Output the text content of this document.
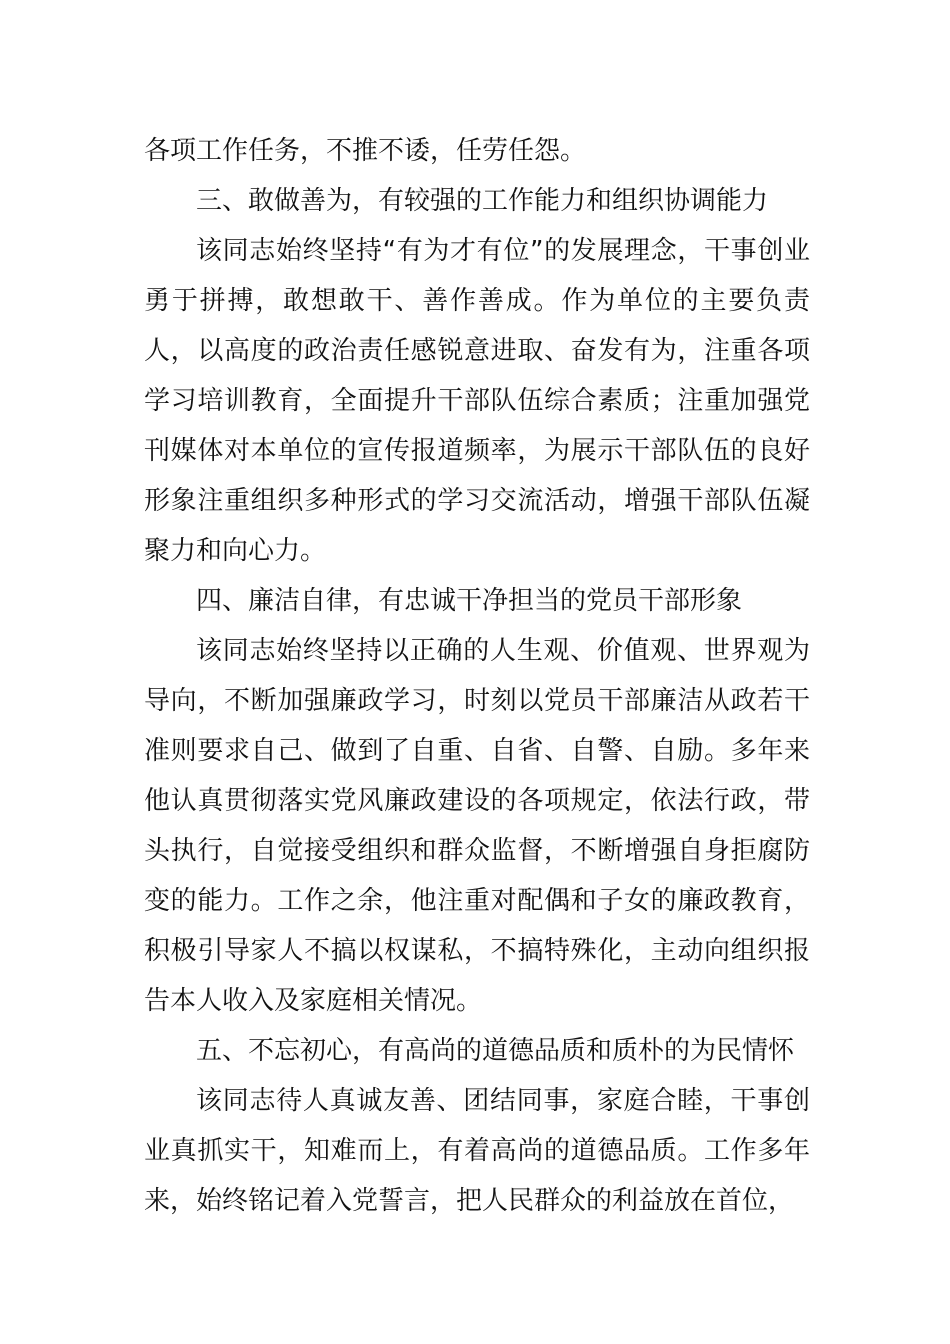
各项工作任务，不推不诿，任劳任怨。

三、敢做善为，有较强的工作能力和组织协调能力

该同志始终坚持“有为才有位”的发展理念，干事创业勇于拼搏，敢想敢干、善作善成。作为单位的主要负责人，以高度的政治责任感锐意进取、奋发有为，注重各项学习培训教育，全面提升干部队伍综合素质；注重加强党刊媒体对本单位的宣传报道频率，为展示干部队伍的良好形象注重组织多种形式的学习交流活动，增强干部队伍凝聚力和向心力。

四、廉洁自律，有忠诚干净担当的党员干部形象

该同志始终坚持以正确的人生观、价值观、世界观为导向，不断加强廉政学习，时刻以党员干部廉洁从政若干准则要求自己、做到了自重、自省、自警、自励。多年来他认真贯彻落实党风廉政建设的各项规定，依法行政，带头执行，自觉接受组织和群众监督，不断增强自身拒腐防变的能力。工作之余，他注重对配偶和子女的廉政教育，积极引导家人不搞以权谋私，不搞特殊化，主动向组织报告本人收入及家庭相关情况。

五、不忘初心，有高尚的道德品质和质朴的为民情怀

该同志待人真诚友善、团结同事，家庭合睦，干事创业真抓实干，知难而上，有着高尚的道德品质。工作多年来，始终铭记着入党誓言，把人民群众的利益放在首位，
